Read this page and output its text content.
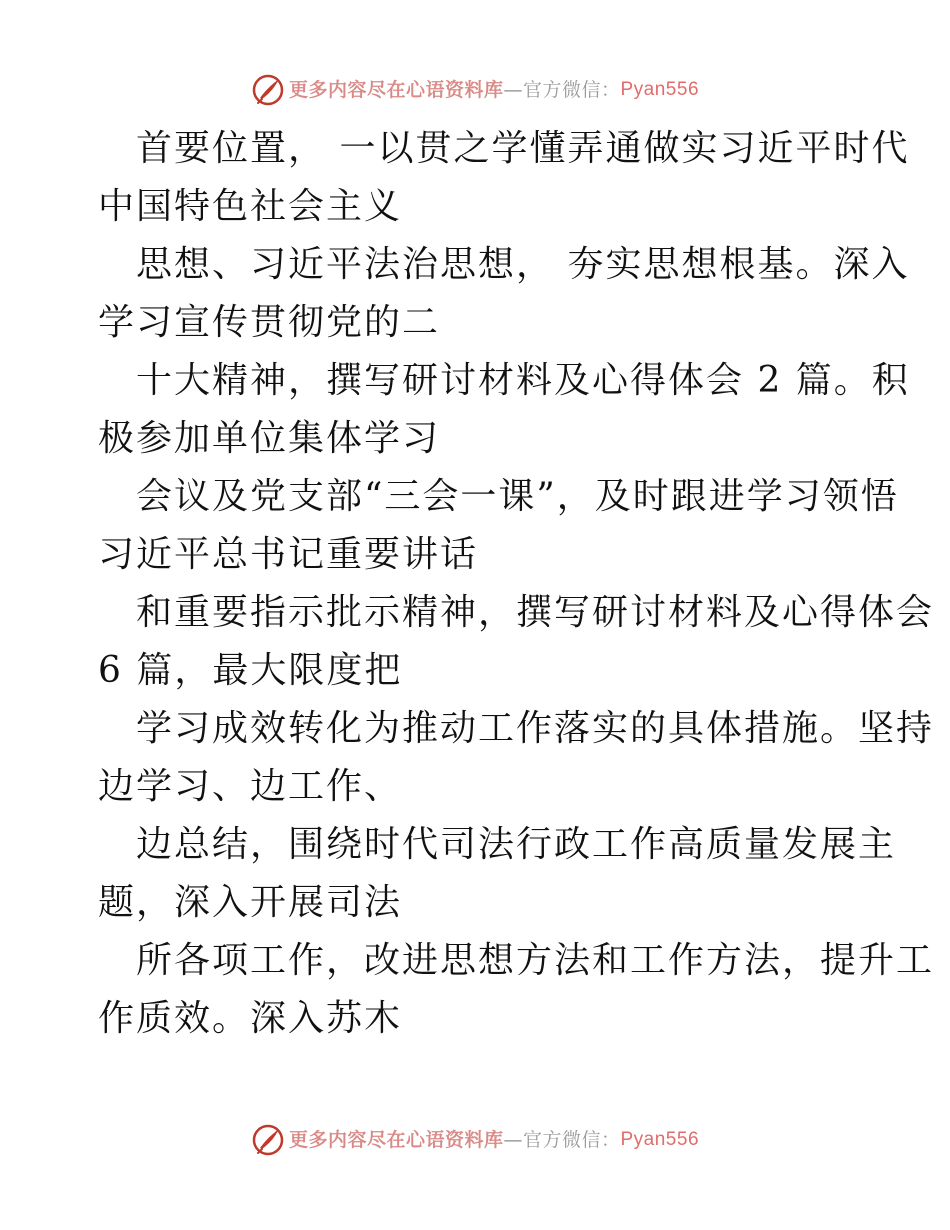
更多内容尽在心语资料库 — 官方微信： Pyan556
首要位置， 一以贯之学懂弄通做实习近平时代
中国特色社会主义
思想、习近平法治思想， 夯实思想根基。深入
学习宣传贯彻党的二
十大精神，撰写研讨材料及心得体会 2 篇。积
极参加单位集体学习
会议及党支部“三会一课”，及时跟进学习领悟
习近平总书记重要讲话
和重要指示批示精神，撰写研讨材料及心得体会
6 篇，最大限度把
学习成效转化为推动工作落实的具体措施。坚持
边学习、边工作、
边总结，围绕时代司法行政工作高质量发展主
题，深入开展司法
所各项工作，改进思想方法和工作方法，提升工
作质效。深入苏木
更多内容尽在心语资料库 — 官方微信： Pyan556
